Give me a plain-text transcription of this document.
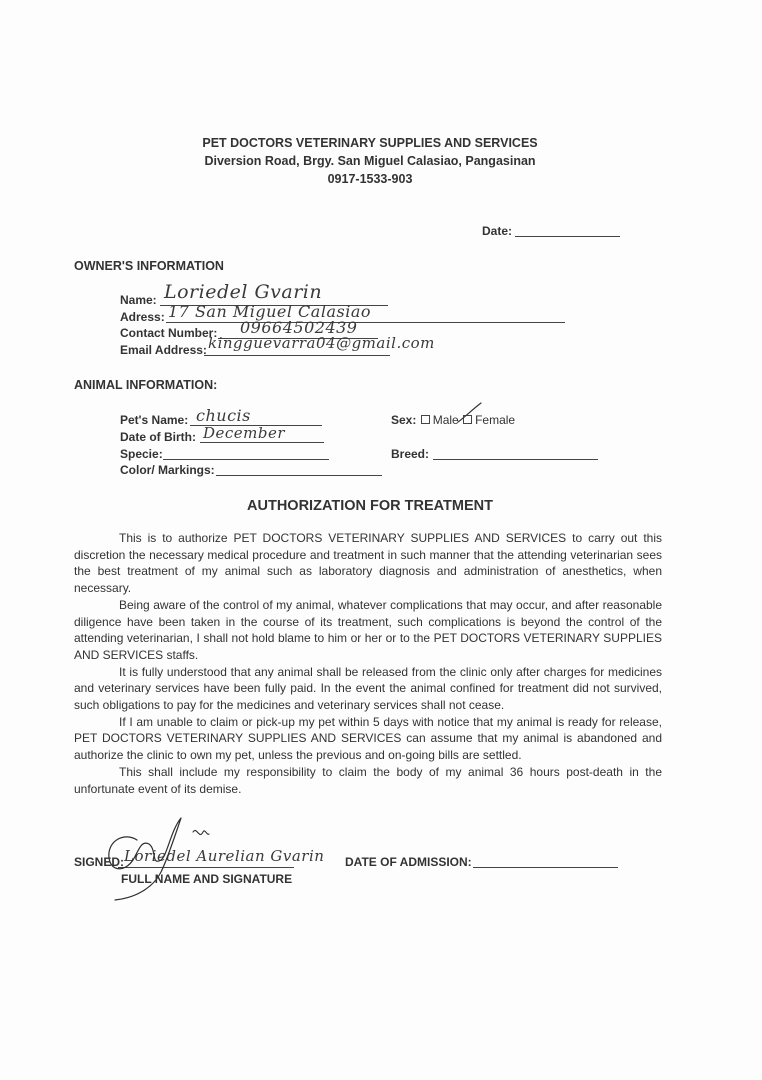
PET DOCTORS VETERINARY SUPPLIES AND SERVICES
Diversion Road, Brgy. San Miguel Calasiao, Pangasinan
0917-1533-903
Date:
OWNER'S INFORMATION
Name: Loriedel Gvarin
Adress: 17 San Miguel Calasiao
Contact Number: 09664502439
Email Address: kingguevarra04@gmail.com
ANIMAL INFORMATION:
Pet's Name: chucis
Date of Birth: December
Specie:
Color/ Markings:
Sex: Male Female
Breed:
AUTHORIZATION FOR TREATMENT

This is to authorize PET DOCTORS VETERINARY SUPPLIES AND SERVICES to carry out this discretion the necessary medical procedure and treatment in such manner that the attending veterinarian sees the best treatment of my animal such as laboratory diagnosis and administration of anesthetics, when necessary.

Being aware of the control of my animal, whatever complications that may occur, and after reasonable diligence have been taken in the course of its treatment, such complications is beyond the control of the attending veterinarian, I shall not hold blame to him or her or to the PET DOCTORS VETERINARY SUPPLIES AND SERVICES staffs.

It is fully understood that any animal shall be released from the clinic only after charges for medicines and veterinary services have been fully paid. In the event the animal confined for treatment did not survived, such obligations to pay for the medicines and veterinary services shall not cease.

If I am unable to claim or pick-up my pet within 5 days with notice that my animal is ready for release, PET DOCTORS VETERINARY SUPPLIES AND SERVICES can assume that my animal is abandoned and authorize the clinic to own my pet, unless the previous and on-going bills are settled.

This shall include my responsibility to claim the body of my animal 36 hours post-death in the unfortunate event of its demise.

SIGNED: Loriedel Aurelian Gvarin
FULL NAME AND SIGNATURE
DATE OF ADMISSION:
